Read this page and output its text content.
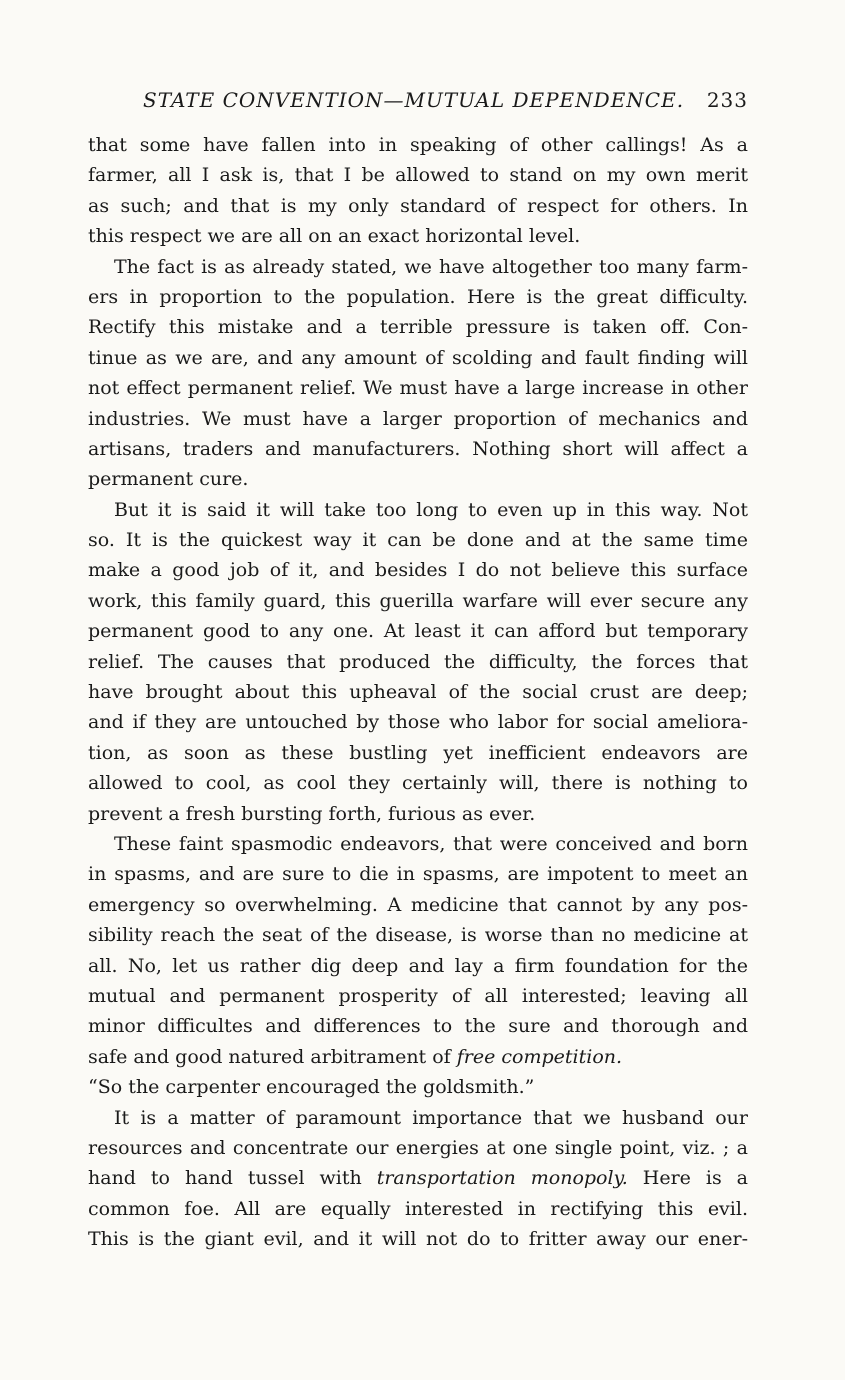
STATE CONVENTION—MUTUAL DEPENDENCE. 233
that some have fallen into in speaking of other callings! As a
farmer, all I ask is, that I be allowed to stand on my own merit
as such; and that is my only standard of respect for others. In
this respect we are all on an exact horizontal level.
The fact is as already stated, we have altogether too many farm-
ers in proportion to the population. Here is the great difficulty.
Rectify this mistake and a terrible pressure is taken off. Con-
tinue as we are, and any amount of scolding and fault finding will
not effect permanent relief. We must have a large increase in other
industries. We must have a larger proportion of mechanics and
artisans, traders and manufacturers. Nothing short will affect a
permanent cure.
But it is said it will take too long to even up in this way. Not
so. It is the quickest way it can be done and at the same time
make a good job of it, and besides I do not believe this surface
work, this family guard, this guerilla warfare will ever secure any
permanent good to any one. At least it can afford but temporary
relief. The causes that produced the difficulty, the forces that
have brought about this upheaval of the social crust are deep;
and if they are untouched by those who labor for social ameliora-
tion, as soon as these bustling yet inefficient endeavors are
allowed to cool, as cool they certainly will, there is nothing to
prevent a fresh bursting forth, furious as ever.
These faint spasmodic endeavors, that were conceived and born
in spasms, and are sure to die in spasms, are impotent to meet an
emergency so overwhelming. A medicine that cannot by any pos-
sibility reach the seat of the disease, is worse than no medicine at
all. No, let us rather dig deep and lay a firm foundation for the
mutual and permanent prosperity of all interested; leaving all
minor difficultes and differences to the sure and thorough and
safe and good natured arbitrament of free competition.
“So the carpenter encouraged the goldsmith.”
It is a matter of paramount importance that we husband our
resources and concentrate our energies at one single point, viz. ; a
hand to hand tussel with transportation monopoly. Here is a
common foe. All are equally interested in rectifying this evil.
This is the giant evil, and it will not do to fritter away our ener-
